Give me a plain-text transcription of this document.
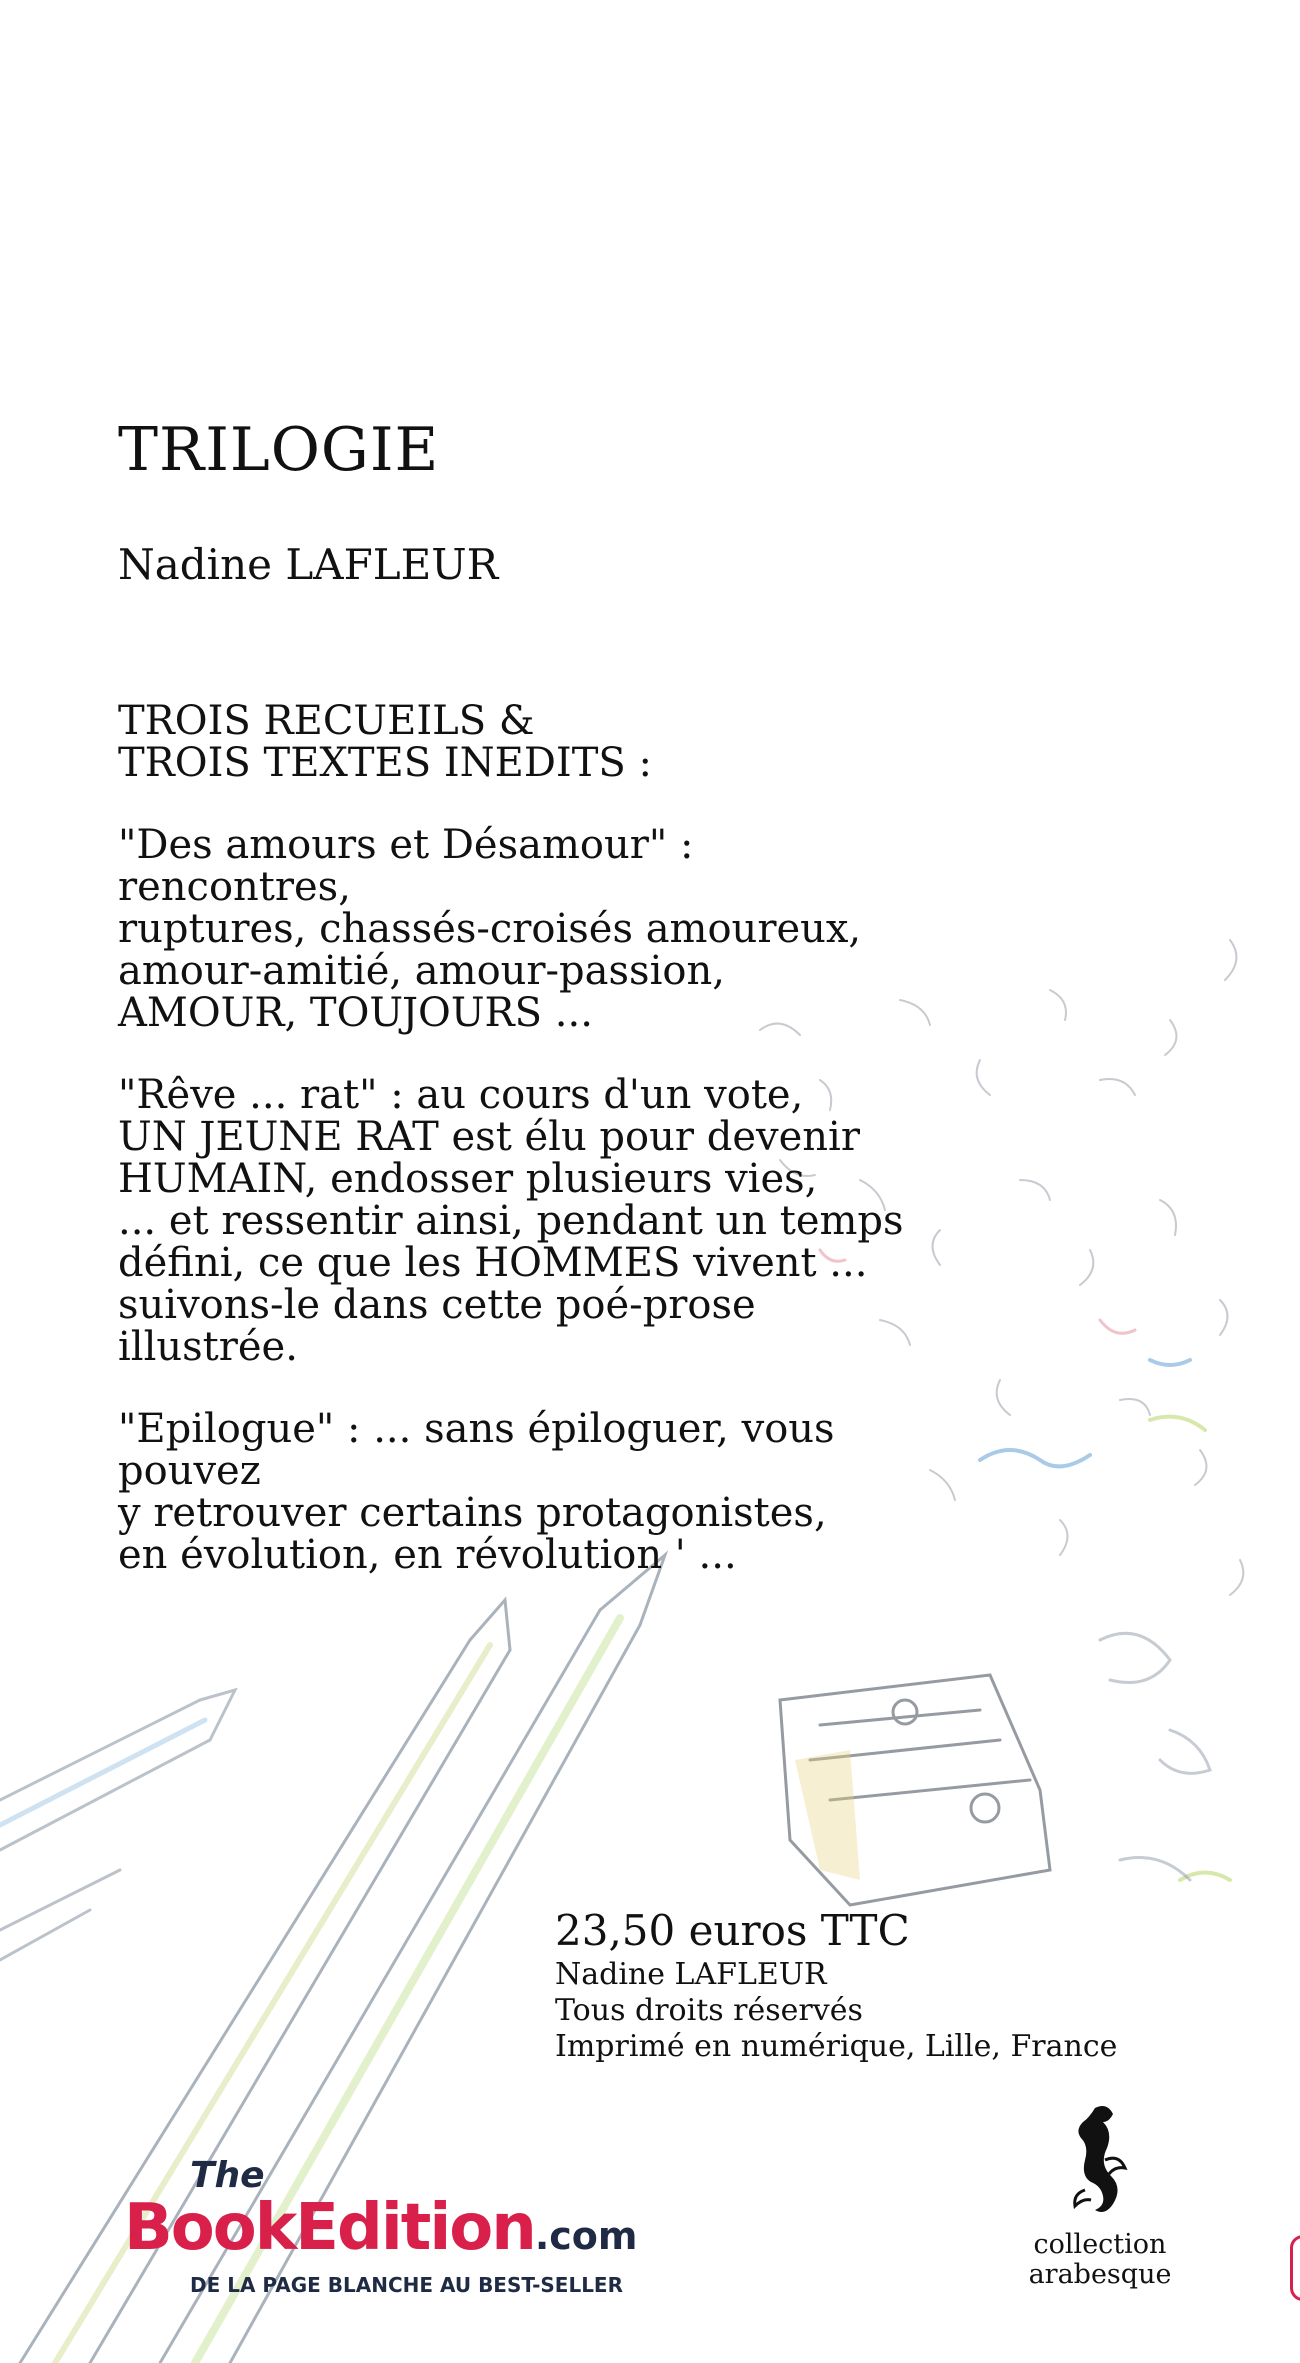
TRILOGIE
Nadine LAFLEUR

TROIS RECUEILS &
TROIS TEXTES INEDITS :

"Des amours et Désamour" :
rencontres,
ruptures, chassés-croisés amoureux,
amour-amitié, amour-passion,
AMOUR, TOUJOURS ...

"Rêve ... rat" : au cours d'un vote,
UN JEUNE RAT est élu pour devenir
HUMAIN, endosser plusieurs vies,
... et ressentir ainsi, pendant un temps
défini, ce que les HOMMES vivent ...
suivons-le dans cette poé-prose
illustrée.

"Epilogue" : ... sans épiloguer, vous
pouvez
y retrouver certains protagonistes,
en évolution, en révolution ' ...

23,50 euros TTC
Nadine LAFLEUR
Tous droits réservés
Imprimé en numérique, Lille, France
The
BookEdition.com
DE LA PAGE BLANCHE AU BEST-SELLER
collection
arabesque
